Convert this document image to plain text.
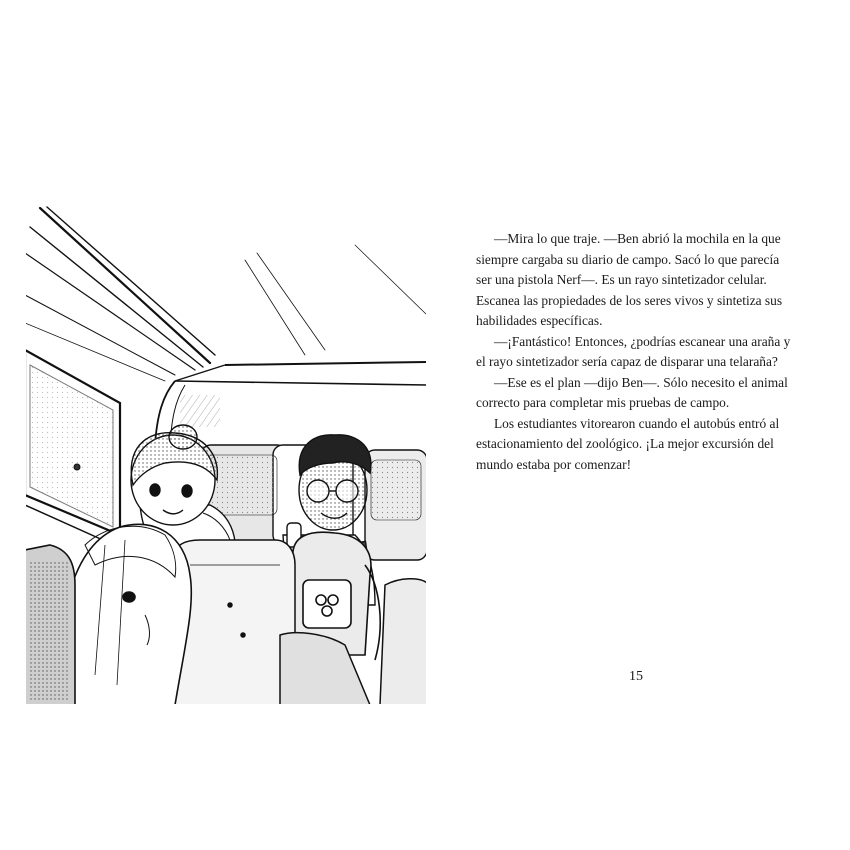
—Mira lo que traje. —Ben abrió la mochila en la que siempre cargaba su diario de campo. Sacó lo que parecía ser una pistola Nerf—. Es un rayo sintetizador celular. Escanea las propiedades de los seres vivos y sintetiza sus habilidades específicas.

—¡Fantástico! Entonces, ¿podrías escanear una araña y el rayo sintetizador sería capaz de disparar una telaraña?

—Ese es el plan —dijo Ben—. Sólo necesito el animal correcto para completar mis pruebas de campo.

Los estudiantes vitorearon cuando el autobús entró al estacionamiento del zoológico. ¡La mejor excursión del mundo estaba por comenzar!

15
